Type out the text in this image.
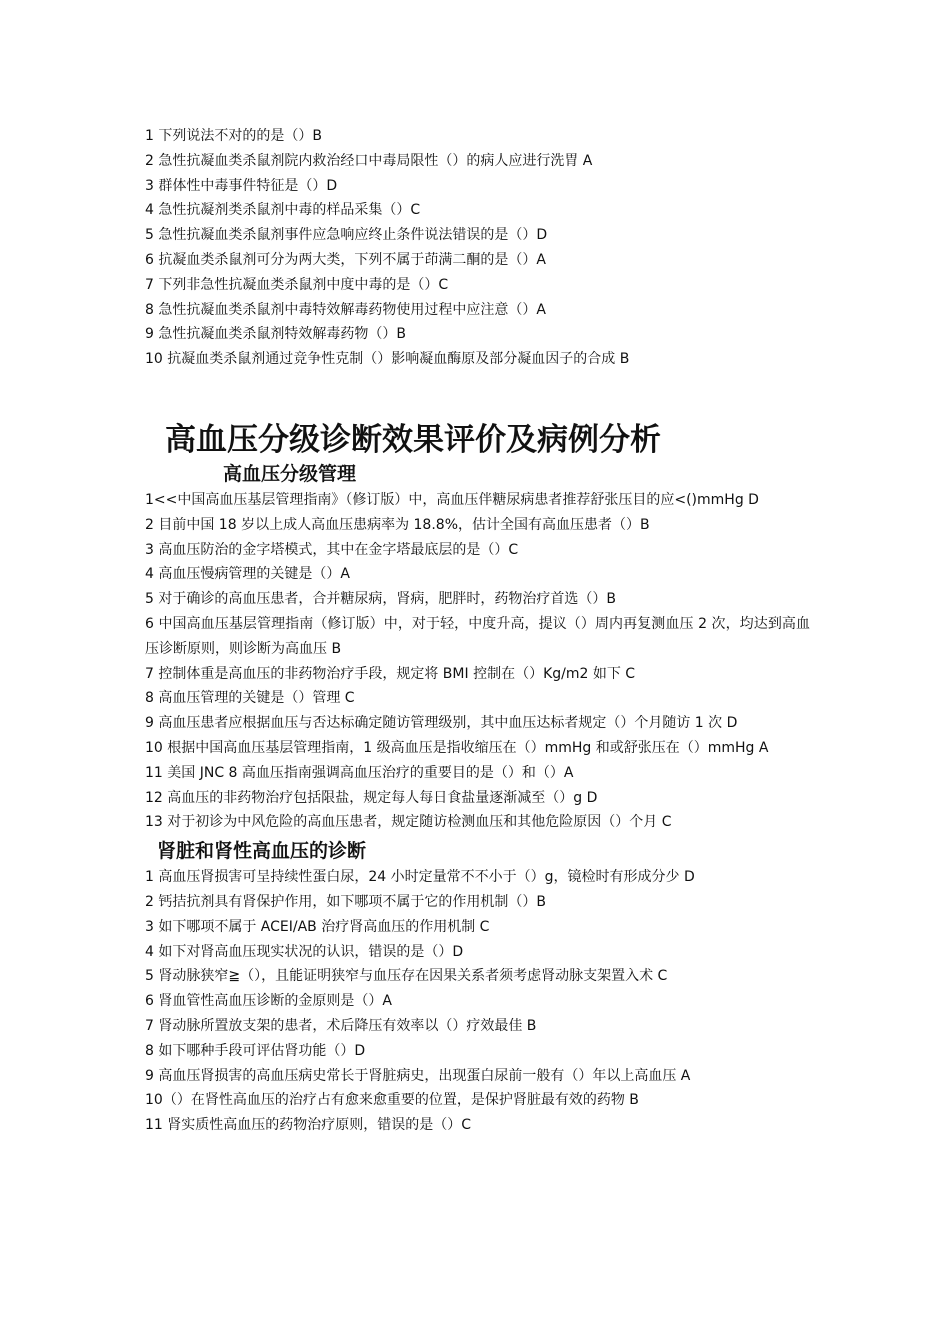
1 下列说法不对的的是（）B
2 急性抗凝血类杀鼠剂院内救治经口中毒局限性（）的病人应进行洗胃 A
3 群体性中毒事件特征是（）D
4 急性抗凝剂类杀鼠剂中毒的样品采集（）C
5 急性抗凝血类杀鼠剂事件应急响应终止条件说法错误的是（）D
6 抗凝血类杀鼠剂可分为两大类，下列不属于茚满二酮的是（）A
7 下列非急性抗凝血类杀鼠剂中度中毒的是（）C
8 急性抗凝血类杀鼠剂中毒特效解毒药物使用过程中应注意（）A
9 急性抗凝血类杀鼠剂特效解毒药物（）B
10 抗凝血类杀鼠剂通过竞争性克制（）影响凝血酶原及部分凝血因子的合成 B
高血压分级诊断效果评价及病例分析
高血压分级管理
1<<中国高血压基层管理指南》（修订版）中，高血压伴糖尿病患者推荐舒张压目的应<()mmHg D
2 目前中国 18 岁以上成人高血压患病率为 18.8%，估计全国有高血压患者（）B
3 高血压防治的金字塔模式，其中在金字塔最底层的是（）C
4 高血压慢病管理的关键是（）A
5 对于确诊的高血压患者，合并糖尿病，肾病，肥胖时，药物治疗首选（）B
6 中国高血压基层管理指南（修订版）中，对于轻，中度升高，提议（）周内再复测血压 2 次，均达到高血压诊断原则，则诊断为高血压 B
7 控制体重是高血压的非药物治疗手段，规定将 BMI 控制在（）Kg/m2 如下 C
8 高血压管理的关键是（）管理 C
9 高血压患者应根据血压与否达标确定随访管理级别，其中血压达标者规定（）个月随访 1 次 D
10 根据中国高血压基层管理指南，1 级高血压是指收缩压在（）mmHg 和或舒张压在（）mmHg A
11 美国 JNC 8 高血压指南强调高血压治疗的重要目的是（）和（）A
12 高血压的非药物治疗包括限盐，规定每人每日食盐量逐渐减至（）g D
13 对于初诊为中风危险的高血压患者，规定随访检测血压和其他危险原因（）个月 C
肾脏和肾性高血压的诊断
1 高血压肾损害可呈持续性蛋白尿，24 小时定量常不不小于（）g，镜检时有形成分少 D
2 钙拮抗剂具有肾保护作用，如下哪项不属于它的作用机制（）B
3 如下哪项不属于 ACEI/AB 治疗肾高血压的作用机制 C
4 如下对肾高血压现实状况的认识，错误的是（）D
5 肾动脉狭窄≧（），且能证明狭窄与血压存在因果关系者须考虑肾动脉支架置入术 C
6 肾血管性高血压诊断的金原则是（）A
7 肾动脉所置放支架的患者，术后降压有效率以（）疗效最佳 B
8 如下哪种手段可评估肾功能（）D
9 高血压肾损害的高血压病史常长于肾脏病史，出现蛋白尿前一般有（）年以上高血压 A
10（）在肾性高血压的治疗占有愈来愈重要的位置，是保护肾脏最有效的药物 B
11 肾实质性高血压的药物治疗原则，错误的是（）C
